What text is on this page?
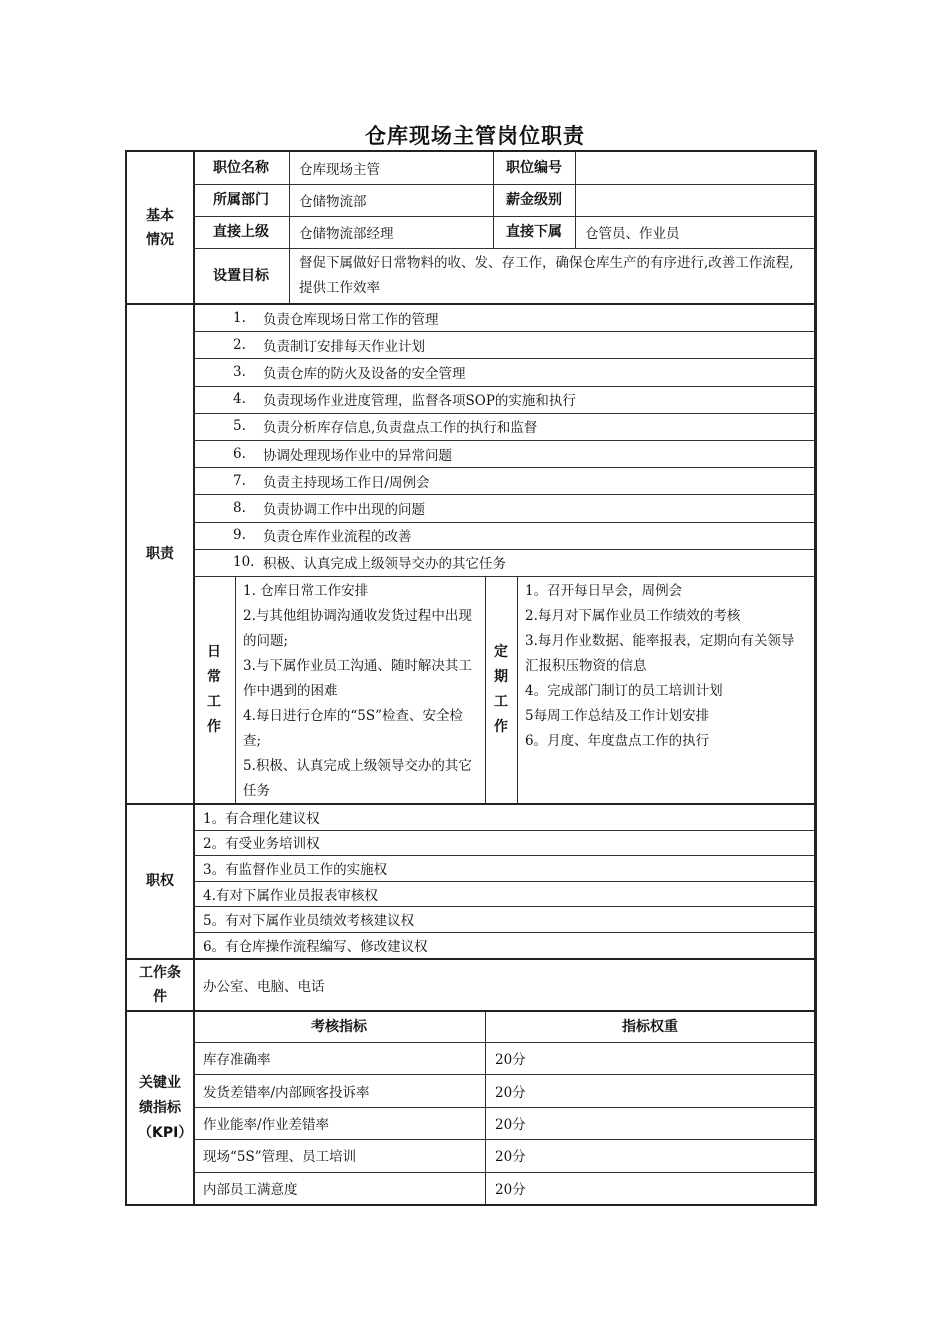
仓库现场主管岗位职责
基本情况
职位名称	仓库现场主管	职位编号
所属部门	仓储物流部	薪金级别
直接上级	仓储物流部经理	直接下属	仓管员、作业员
设置目标
督促下属做好日常物料的收、发、存工作，确保仓库生产的有序进行,改善工作流程,提供工作效率
职责
1.	负责仓库现场日常工作的管理
2.	负责制订安排每天作业计划
3.	负责仓库的防火及设备的安全管理
4.	负责现场作业进度管理，监督各项SOP的实施和执行
5.	负责分析库存信息,负责盘点工作的执行和监督
6.	协调处理现场作业中的异常问题
7.	负责主持现场工作日/周例会
8.	负责协调工作中出现的问题
9.	负责仓库作业流程的改善
10. 积极、认真完成上级领导交办的其它任务
日常工作
1. 仓库日常工作安排
2.与其他组协调沟通收发货过程中出现的问题;
3.与下属作业员工沟通、随时解决其工作中遇到的困难
4.每日进行仓库的“5S”检查、安全检查;
5.积极、认真完成上级领导交办的其它任务
定期工作
1。召开每日早会，周例会
2.每月对下属作业员工作绩效的考核
3.每月作业数据、能率报表，定期向有关领导汇报积压物资的信息
4。完成部门制订的员工培训计划
5每周工作总结及工作计划安排
6。月度、年度盘点工作的执行
职权
1。有合理化建议权
2。有受业务培训权
3。有监督作业员工作的实施权
4.有对下属作业员报表审核权
5。有对下属作业员绩效考核建议权
6。有仓库操作流程编写、修改建议权
工作条件
办公室、电脑、电话
关键业绩指标（KPI）
考核指标	指标权重
库存准确率	20分
发货差错率/内部顾客投诉率	20分
作业能率/作业差错率	20分
现场“5S”管理、员工培训	20分
内部员工满意度	20分
